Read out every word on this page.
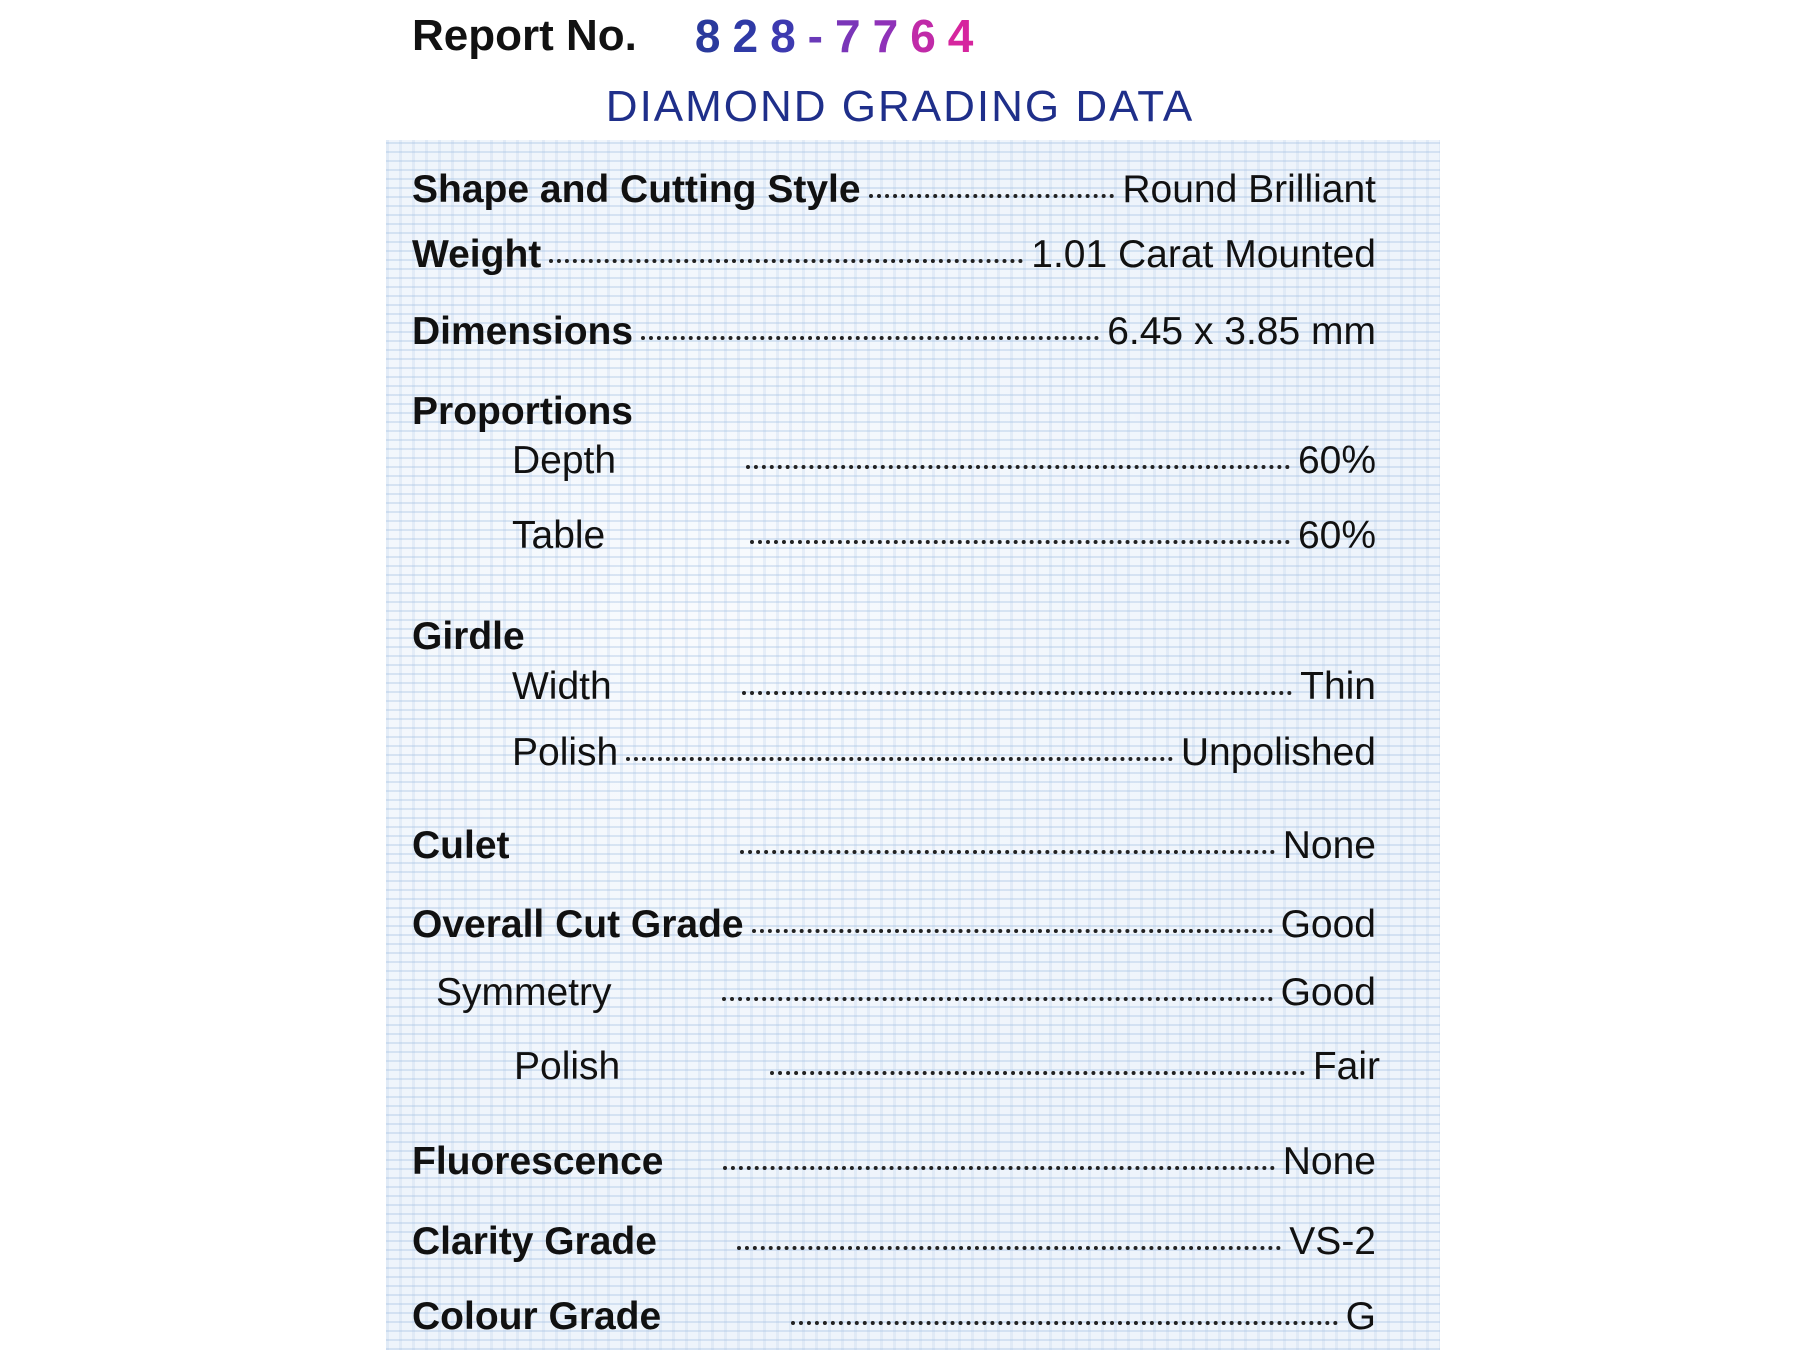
Report No. 8 2 8 - 7 7 6 4
DIAMOND GRADING DATA
Shape and Cutting Style	Round Brilliant
Weight	1.01 Carat Mounted
Dimensions	6.45 x 3.85 mm
Proportions
Depth	60%
Table	60%
Girdle
Width	Thin
Polish	Unpolished
Culet	None
Overall Cut Grade	Good
Symmetry	Good
Polish	Fair
Fluorescence	None
Clarity Grade	VS-2
Colour Grade	G
